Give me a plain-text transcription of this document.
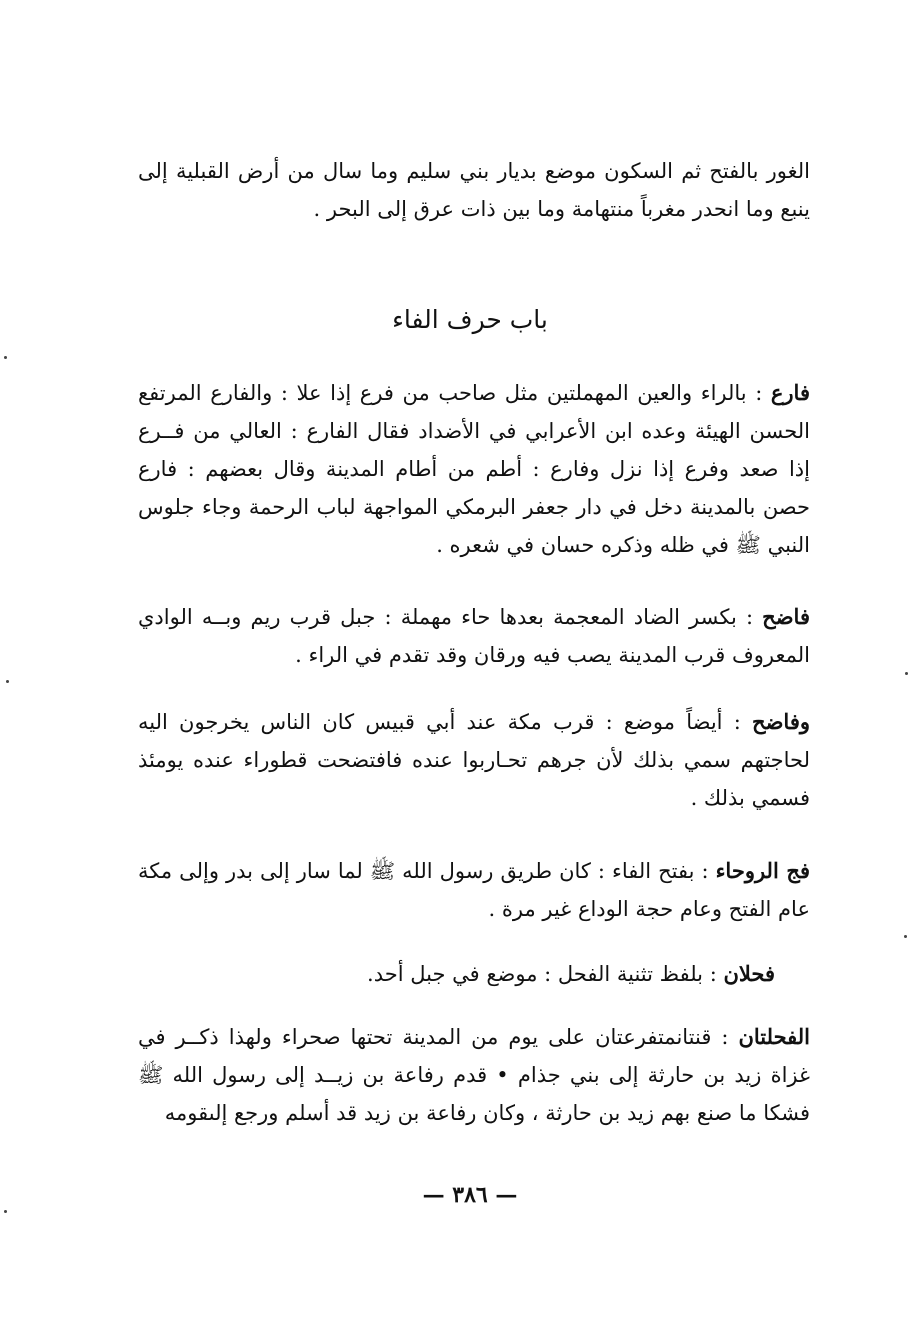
الغور بالفتح ثم السكون موضع بديار بني سليم وما سال من أرض القبلية إلى ينبع وما انحدر مغرباً منتهامة وما بين ذات عرق إلى البحر .
باب حرف الفاء
فارع : بالراء والعين المهملتين مثل صاحب من فرع إذا علا : والفارع المرتفع الحسن الهيئة وعده ابن الأعرابي في الأضداد فقال الفارع : العالي من فــرع إذا صعد وفرع إذا نزل وفارع : أطم من أطام المدينة وقال بعضهم : فارع حصن بالمدينة دخل في دار جعفر البرمكي المواجهة لباب الرحمة وجاء جلوس النبي ﷺ في ظله وذكره حسان في شعره .
فاضح : بكسر الضاد المعجمة بعدها حاء مهملة : جبل قرب ريم وبــه الوادي المعروف قرب المدينة يصب فيه ورقان وقد تقدم في الراء .
وفاضح : أيضاً موضع : قرب مكة عند أبي قبيس كان الناس يخرجون اليه لحاجتهم سمي بذلك لأن جرهم تحـاربوا عنده فافتضحت قطوراء عنده يومئذ فسمي بذلك .
فج الروحاء : بفتح الفاء : كان طريق رسول الله ﷺ لما سار إلى بدر وإلى مكة عام الفتح وعام حجة الوداع غير مرة .
فحلان : بلفظ تثنية الفحل : موضع في جبل أحد.
الفحلتان : قنتانمتفرعتان على يوم من المدينة تحتها صحراء ولهذا ذكــر في غزاة زيد بن حارثة إلى بني جذام • قدم رفاعة بن زيــد إلى رسول الله ﷺ فشكا ما صنع بهم زيد بن حارثة ، وكان رفاعة بن زيد قد أسلم ورجع إلىقومه
— ٣٨٦ —
